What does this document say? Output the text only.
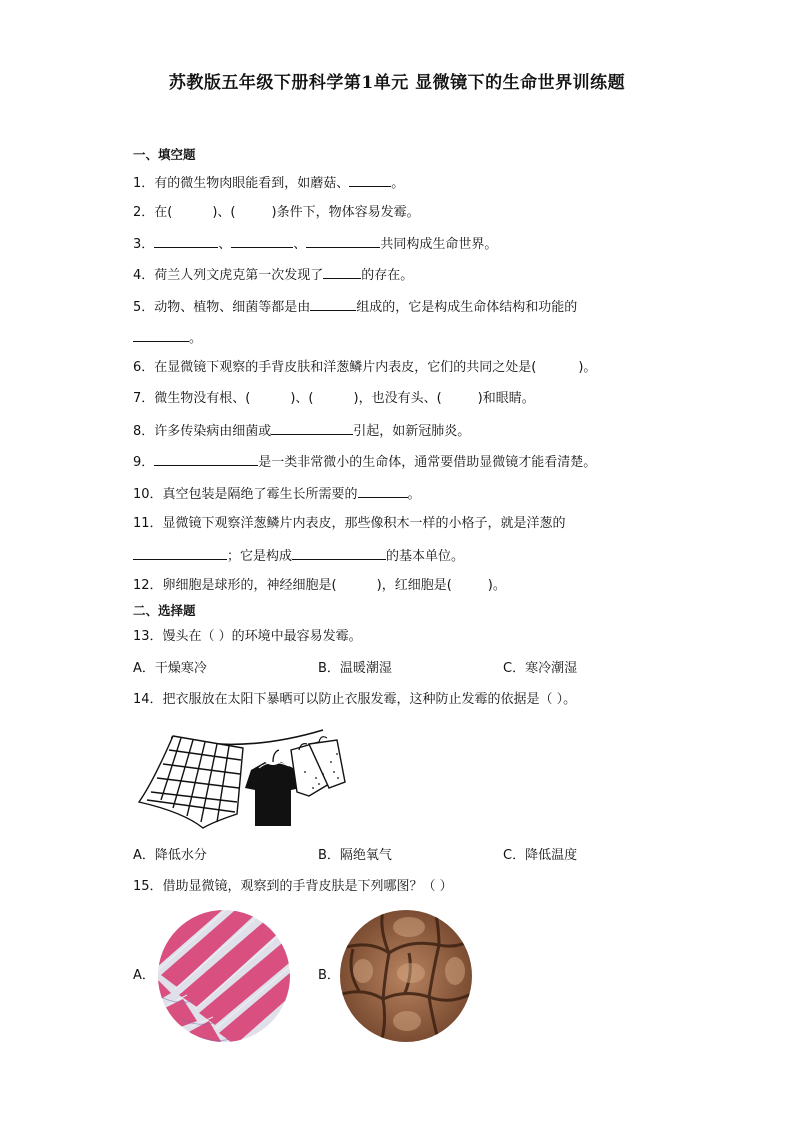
苏教版五年级下册科学第1单元 显微镜下的生命世界训练题
一、填空题
1．有的微生物肉眼能看到，如蘑菇、	。
2．在(	)、(	)条件下，物体容易发霉。
3．	、	、	共同构成生命世界。
4．荷兰人列文虎克第一次发现了	的存在。
5．动物、植物、细菌等都是由	组成的，它是构成生命体结构和功能的
。
6．在显微镜下观察的手背皮肤和洋葱鳞片内表皮，它们的共同之处是(	)。
7．微生物没有根、(	)、(	)，也没有头、(	)和眼睛。
8．许多传染病由细菌或	引起，如新冠肺炎。
9．	是一类非常微小的生命体，通常要借助显微镜才能看清楚。
10．真空包装是隔绝了霉生长所需要的	。
11．显微镜下观察洋葱鳞片内表皮，那些像积木一样的小格子，就是洋葱的
；它是构成	的基本单位。
12．卵细胞是球形的，神经细胞是(	)，红细胞是(	)。
二、选择题
13．馒头在（ ）的环境中最容易发霉。
A．干燥寒冷	B．温暖潮湿	C．寒冷潮湿
14．把衣服放在太阳下暴晒可以防止衣服发霉，这种防止发霉的依据是（ ）。
A．降低水分	B．隔绝氧气	C．降低温度
15．借助显微镜，观察到的手背皮肤是下列哪图？（ ）
A．	B．
